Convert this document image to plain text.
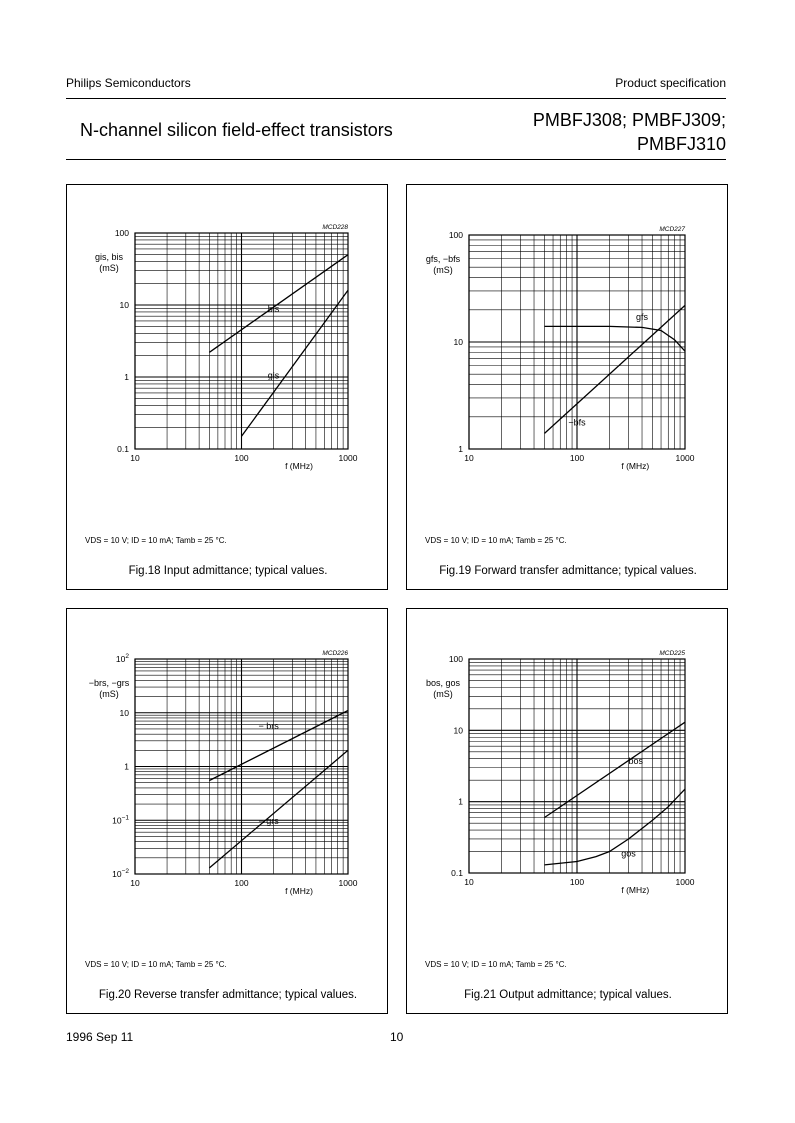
Philips Semiconductors	Product specification
N-channel silicon field-effect transistors	PMBFJ308; PMBFJ309;
PMBFJ310
10	100	1000
0.1
1
10
100
MCD228
gis, bis
(mS)
f (MHz)
bis
gis
VDS = 10 V; ID = 10 mA; Tamb = 25 °C.
Fig.18 Input admittance; typical values.
10	100	1000
1
10
100
MCD227
gfs, −bfs
(mS)
f (MHz)
gfs
−bfs
VDS = 10 V; ID = 10 mA; Tamb = 25 °C.
Fig.19 Forward transfer admittance; typical values.
10	100	1000
$10^{-2}$
$10^{-1}$
1
10
$10^2$	MCD226
−brs, −grs
(mS)
f (MHz)
− brs
− grs
VDS = 10 V; ID = 10 mA; Tamb = 25 °C.
Fig.20 Reverse transfer admittance; typical values.
10	100	1000
0.1
1
10
100
MCD225
bos, gos
(mS)
f (MHz)
bos
gos
VDS = 10 V; ID = 10 mA; Tamb = 25 °C.
Fig.21 Output admittance; typical values.
1996 Sep 11	10
